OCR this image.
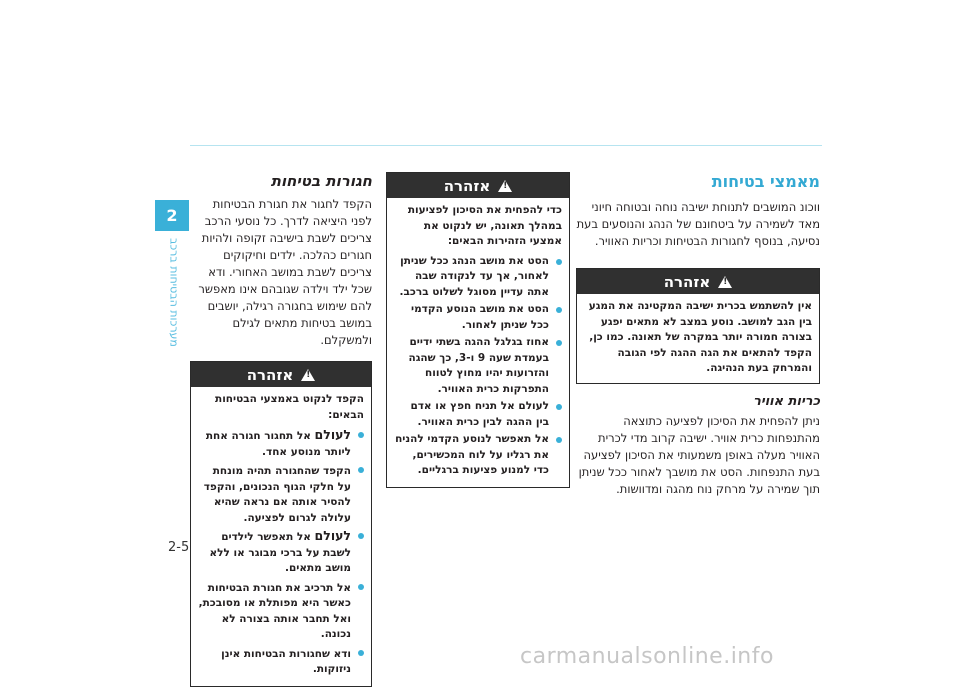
2
מערכות הבטיחות ברכב
מאמצי בטיחות

ווכונ המושבים לתנוחת ישיבה נוחה ובטוחה חיוני מאד לשמירה על ביטחונם של הנהג והנוסעים בעת נסיעה, בנוסף לחגורות הבטיחות וכריות האוויר.

אזהרה
!

אין להשתמש בכרית ישיבה המקטינה את המגע בין הגב למושב. נוסע במצב לא מתאים יפגע בצורה חמורה יותר במקרה של תאונה. כמו כן, הקפד להתאים את הגה ההגה לפי הגובה והמרחק בעת הנהיגה.

כריות אוויר

ניתן להפחית את הסיכון לפציעה כתוצאה מהתנפחות כרית אוויר. ישיבה קרוב מדי לכרית האוויר מעלה באופן משמעותי את הסיכון לפציעה בעת התנפחות. הסט את מושבך לאחור ככל שניתן תוך שמירה על מרחק נוח מהגה ומדוושות.

אזהרה
!

כדי להפחית את הסיכון לפציעות במהלך תאונה, יש לנקוט את אמצעי הזהירות הבאים:

הסט את מושב הנהג ככל שניתן לאחור, אך עד לנקודה שבה אתה עדיין מסוגל לשלוט ברכב.
הסט את מושב הנוסע הקדמי ככל שניתן לאחור.
אחוז בגלגל ההגה בשתי ידיים בעמדת שעה 9 ו-3, כך שהגה והזרועות יהיו מחוץ לטווח התפרקות כרית האוויר.
לעולם אל תניח חפץ או אדם בין ההגה לבין כרית האוויר.
אל תאפשר לנוסע הקדמי להניח את רגליו על לוח המכשירים, כדי למנוע פציעות ברגליים.
חגורות בטיחות

הקפד לחגור את חגורת הבטיחות לפני היציאה לדרך. כל נוסעי הרכב צריכים לשבת בישיבה זקופה ולהיות חגורים כהלכה. ילדים וחיקוקים צריכים לשבת במושב האחורי. ודא שכל ילד וילדה שגובהם אינו מאפשר להם שימוש בחגורה רגילה, יושבים במושב בטיחות מתאים לגילם ולמשקלם.

אזהרה
!

הקפד לנקוט באמצעי הבטיחות הבאים:

לעולם אל תחגור חגורה אחת ליותר מנוסע אחד.
הקפד שהחגורה תהיה מונחת על חלקי הגוף הנכונים, והקפד להסיר אותה אם נראה שהיא עלולה לגרום לפציעה.
לעולם אל תאפשר לילדים לשבת על ברכי מבוגר או ללא מושב מתאים.
אל תרכיב את חגורת הבטיחות כאשר היא מפותלת או מסובכת, ואל תחבר אותה בצורה לא נכונה.
ודא שחגורות הבטיחות אינן ניזוקות.
2-5
carmanualsonline.info
